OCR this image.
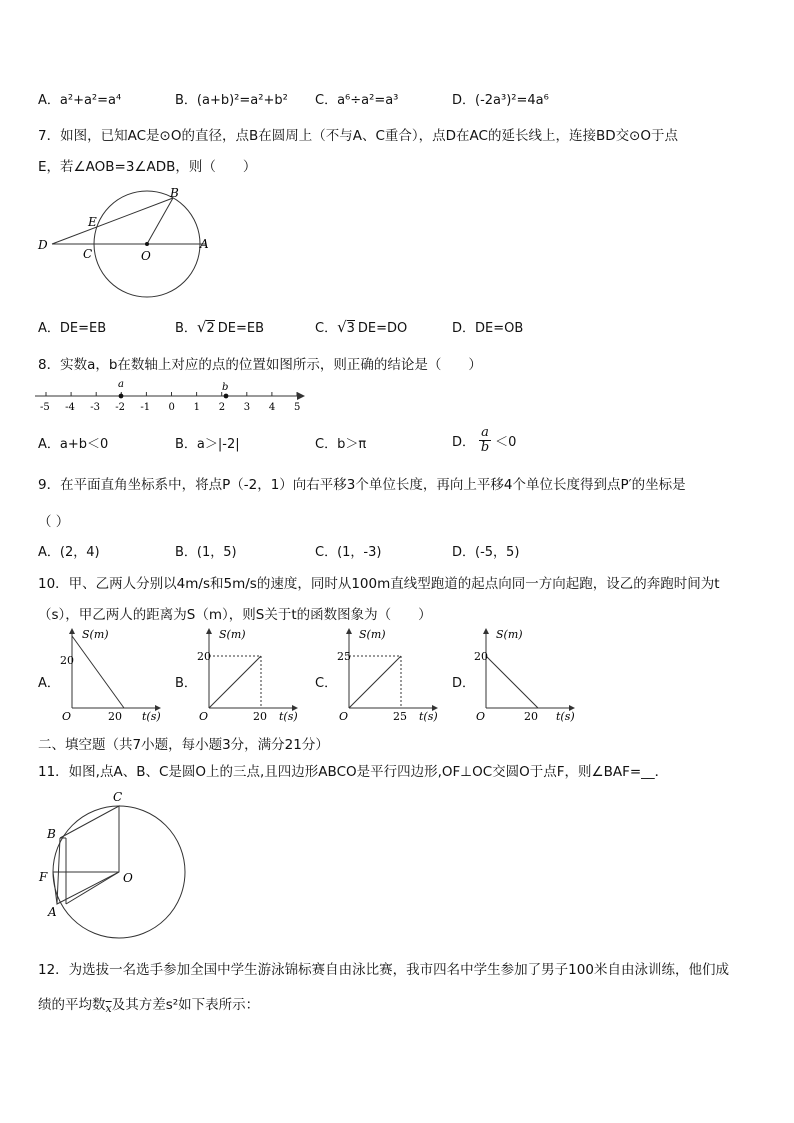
A．a²+a²=a⁴	B．(a+b)²=a²+b² C．a⁶÷a²=a³	D．(-2a³)²=4a⁶
7．如图，已知AC是⊙O的直径，点B在圆周上（不与A、C重合），点D在AC的延长线上，连接BD交⊙O于点
E，若∠AOB=3∠ADB，则（　　）
B
E
D
C	O
A
A．DE=EB	B．√2 DE=EB	C．√3 DE=DO	D．DE=OB
8．实数a，b在数轴上对应的点的位置如图所示，则正确的结论是（　　）
-5 -4 -3 -2 -1 0 1 2 3 4 5
a	b
A．a+b＜0	B．a＞|-2|	C．b＞π	D． $\frac{a}{b} <0$
9．在平面直角坐标系中，将点P（-2，1）向右平移3个单位长度，再向上平移4个单位长度得到点P′的坐标是
（ ）
A．(2，4)	B．(1，5)	C．(1，-3)	D．(-5，5)
10．甲、乙两人分别以4m/s和5m/s的速度，同时从100m直线型跑道的起点向同一方向起跑，设乙的奔跑时间为t
（s），甲乙两人的距离为S（m），则S关于t的函数图象为（　　）
A．
S(m)
20
O	20 t(s)
B．
S(m)
20
O	20 t(s)
C．
S(m)
25
O	25 t(s)
D．
S(m)
20
O	20 t(s)
二、填空题（共7小题，每小题3分，满分21分）
11．如图,点A、B、C是圆O上的三点,且四边形ABCO是平行四边形,OF⊥OC交圆O于点F，则∠BAF=__．
C
B
F	O
A
12．为选拔一名选手参加全国中学生游泳锦标赛自由泳比赛，我市四名中学生参加了男子100米自由泳训练，他们成
绩的平均数$_{\overline{x}}$及其方差s²如下表所示：
